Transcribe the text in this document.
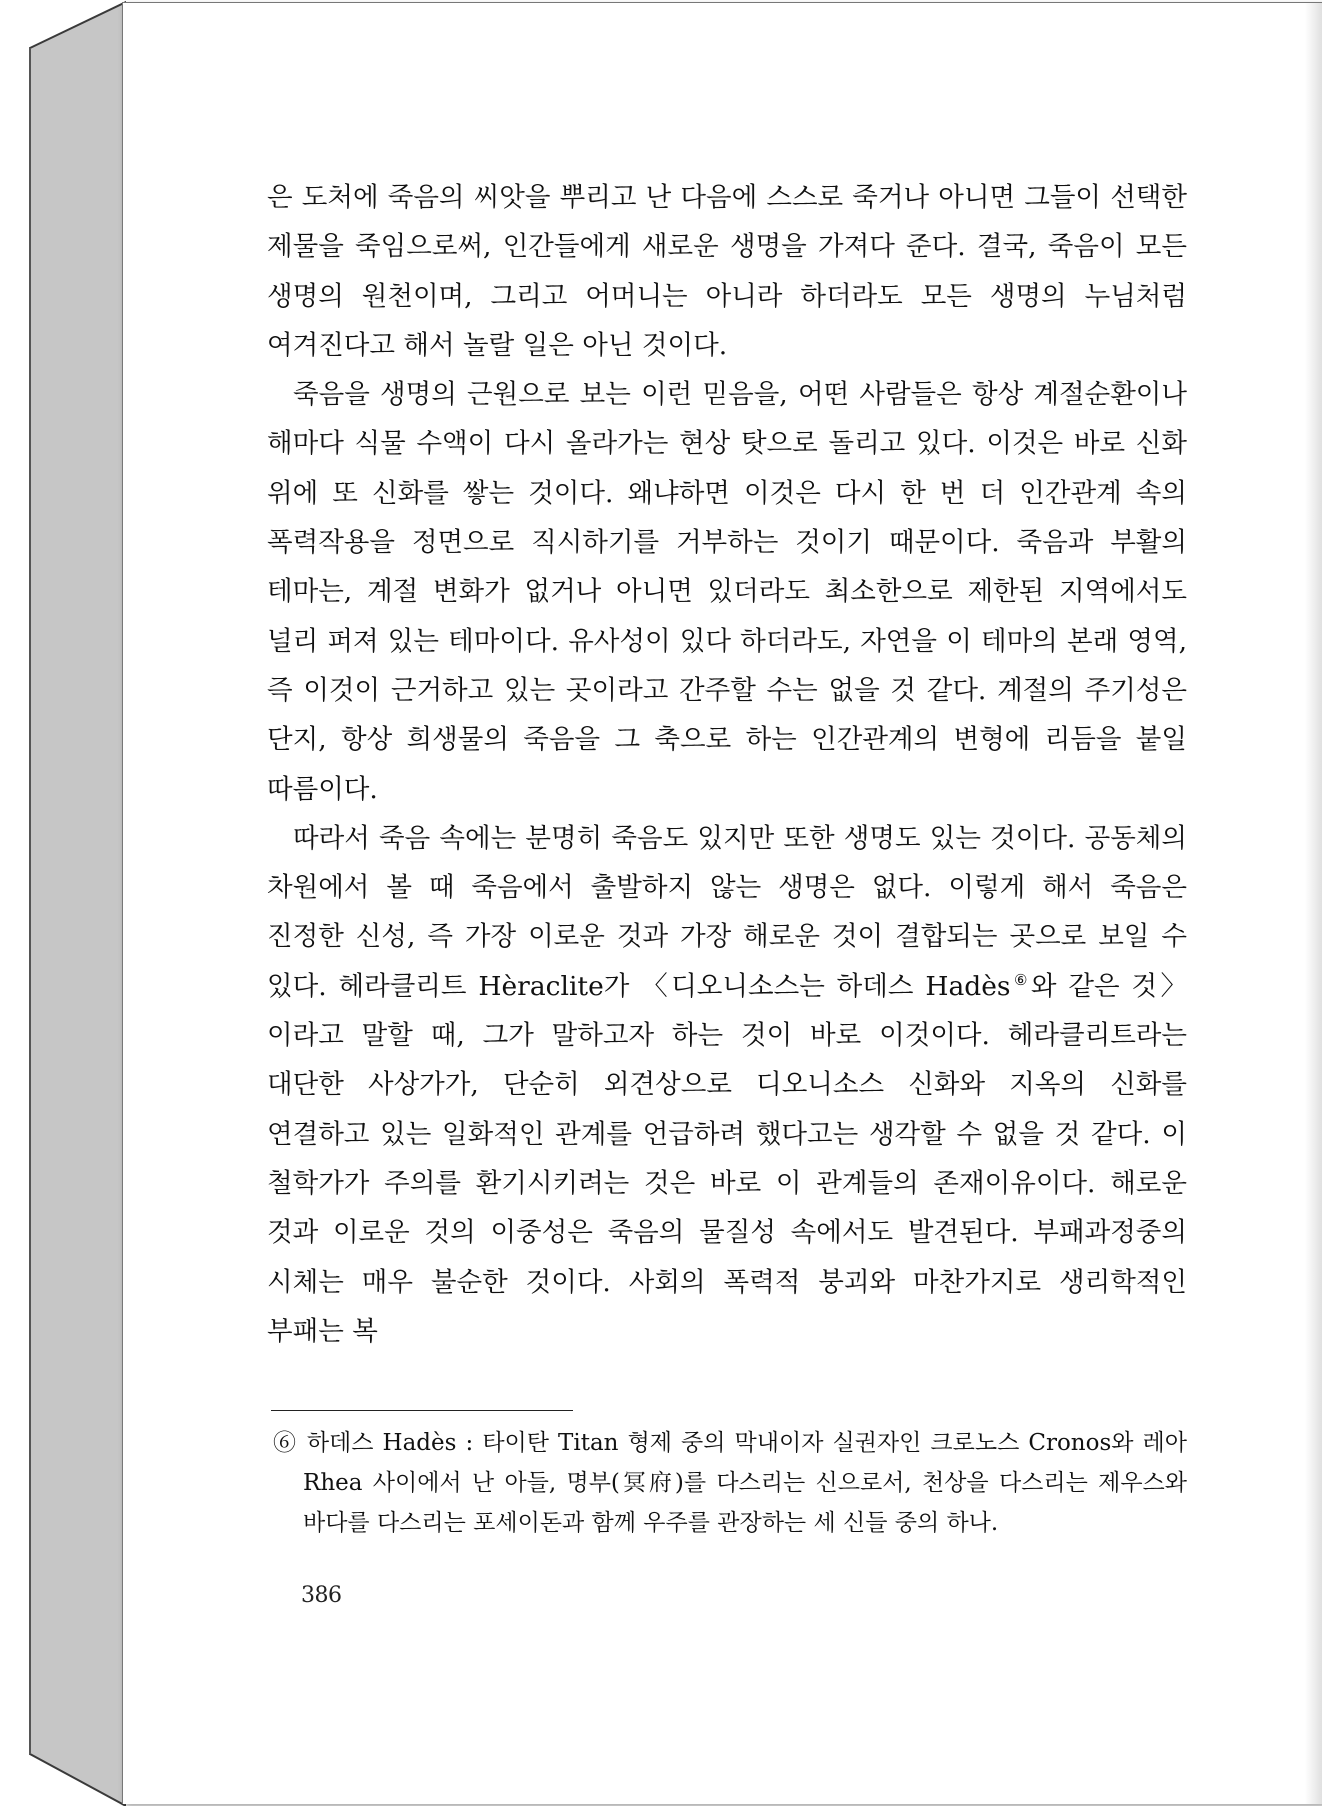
은 도처에 죽음의 씨앗을 뿌리고 난 다음에 스스로 죽거나 아니면 그들이 선택한 제물을 죽임으로써, 인간들에게 새로운 생명을 가져다 준다. 결국, 죽음이 모든 생명의 원천이며, 그리고 어머니는 아니라 하더라도 모든 생명의 누님처럼 여겨진다고 해서 놀랄 일은 아닌 것이다.

죽음을 생명의 근원으로 보는 이런 믿음을, 어떤 사람들은 항상 계절순환이나 해마다 식물 수액이 다시 올라가는 현상 탓으로 돌리고 있다. 이것은 바로 신화 위에 또 신화를 쌓는 것이다. 왜냐하면 이것은 다시 한 번 더 인간관계 속의 폭력작용을 정면으로 직시하기를 거부하는 것이기 때문이다. 죽음과 부활의 테마는, 계절 변화가 없거나 아니면 있더라도 최소한으로 제한된 지역에서도 널리 퍼져 있는 테마이다. 유사성이 있다 하더라도, 자연을 이 테마의 본래 영역, 즉 이것이 근거하고 있는 곳이라고 간주할 수는 없을 것 같다. 계절의 주기성은 단지, 항상 희생물의 죽음을 그 축으로 하는 인간관계의 변형에 리듬을 붙일 따름이다.

따라서 죽음 속에는 분명히 죽음도 있지만 또한 생명도 있는 것이다. 공동체의 차원에서 볼 때 죽음에서 출발하지 않는 생명은 없다. 이렇게 해서 죽음은 진정한 신성, 즉 가장 이로운 것과 가장 해로운 것이 결합되는 곳으로 보일 수 있다. 헤라클리트 Hèraclite가 〈디오니소스는 하데스 Hadès⑥와 같은 것〉이라고 말할 때, 그가 말하고자 하는 것이 바로 이것이다. 헤라클리트라는 대단한 사상가가, 단순히 외견상으로 디오니소스 신화와 지옥의 신화를 연결하고 있는 일화적인 관계를 언급하려 했다고는 생각할 수 없을 것 같다. 이 철학가가 주의를 환기시키려는 것은 바로 이 관계들의 존재이유이다. 해로운 것과 이로운 것의 이중성은 죽음의 물질성 속에서도 발견된다. 부패과정중의 시체는 매우 불순한 것이다. 사회의 폭력적 붕괴와 마찬가지로 생리학적인 부패는 복

⑥ 하데스 Hadès : 타이탄 Titan 형제 중의 막내이자 실권자인 크로노스 Cronos와 레아 Rhea 사이에서 난 아들, 명부(冥府)를 다스리는 신으로서, 천상을 다스리는 제우스와 바다를 다스리는 포세이돈과 함께 우주를 관장하는 세 신들 중의 하나.
386
